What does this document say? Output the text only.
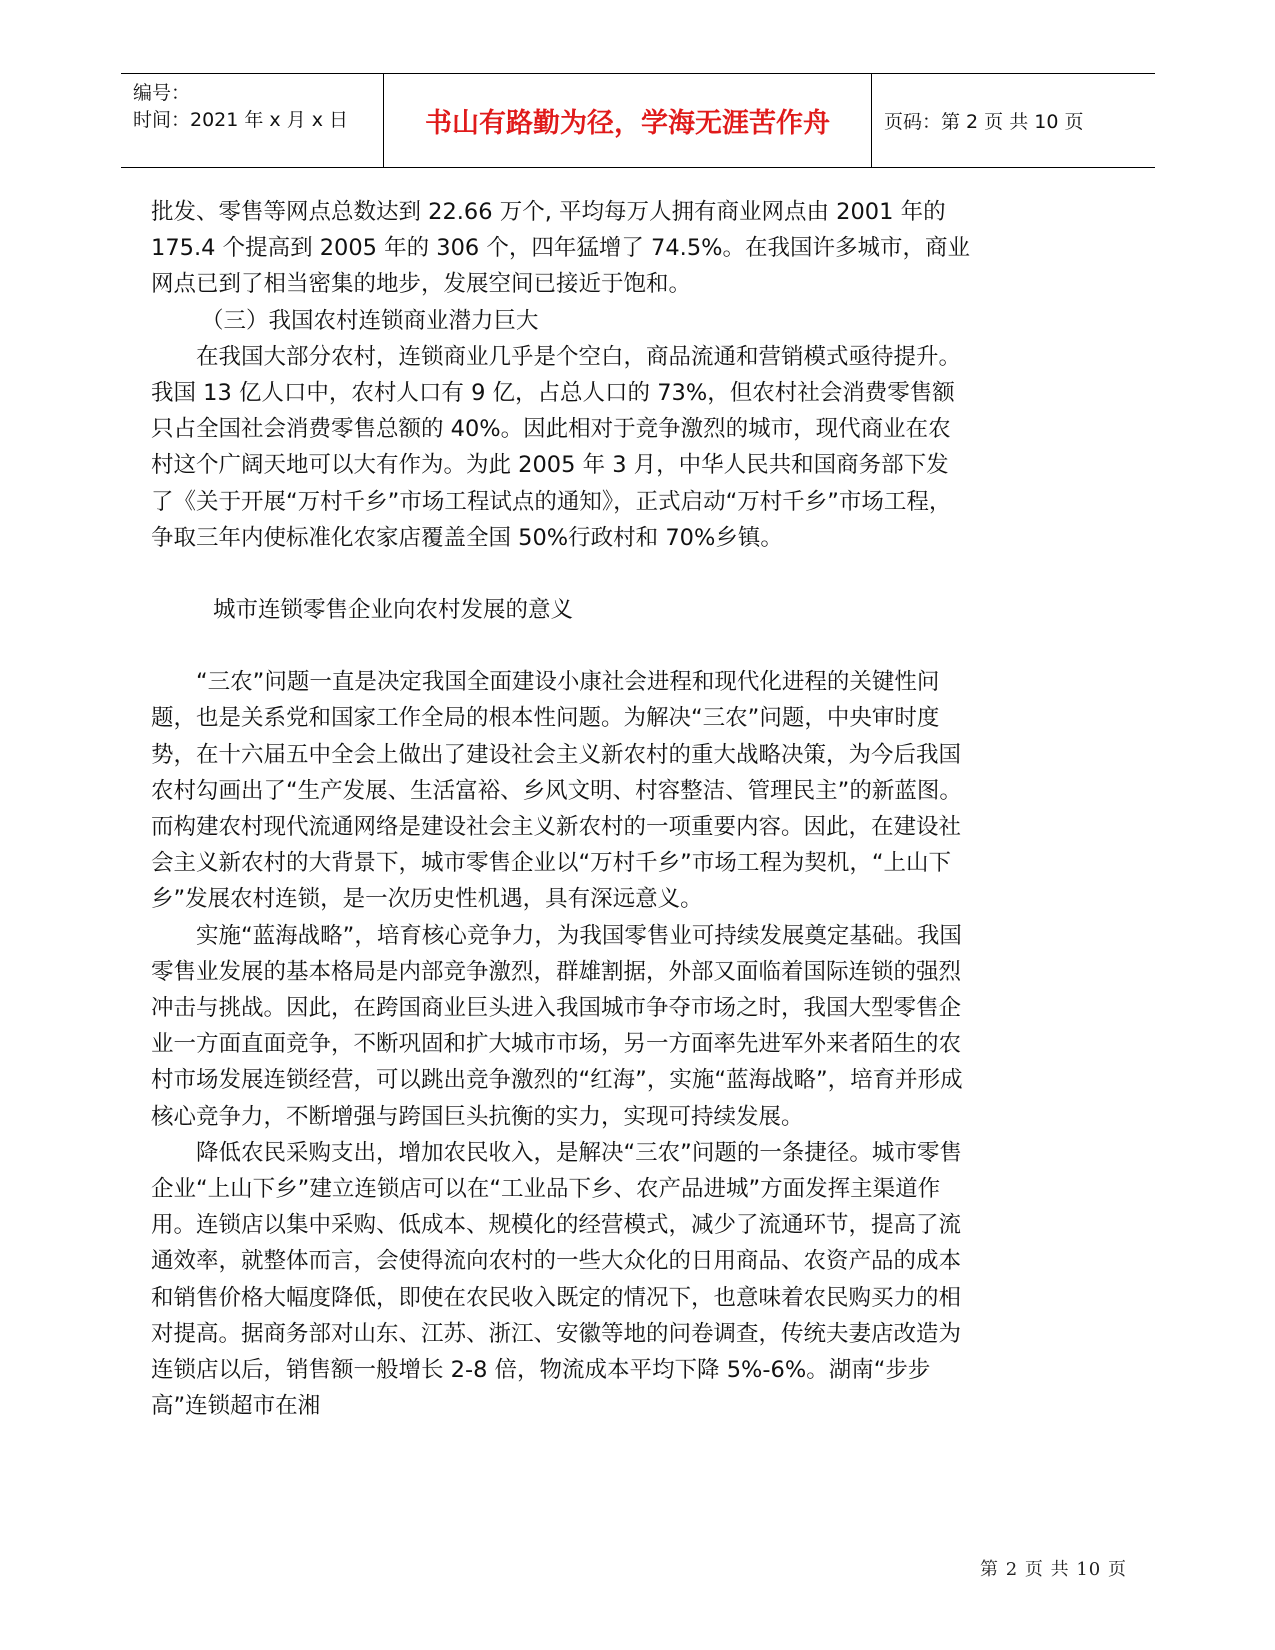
编号：
时间：2021 年 x 月 x 日	书山有路勤为径，学海无涯苦作舟	页码：第 2 页 共 10 页

批发、零售等网点总数达到 22.66 万个, 平均每万人拥有商业网点由 2001 年的 175.4 个提高到 2005 年的 306 个，四年猛增了 74.5%。在我国许多城市，商业网点已到了相当密集的地步，发展空间已接近于饱和。

（三）我国农村连锁商业潜力巨大

在我国大部分农村，连锁商业几乎是个空白，商品流通和营销模式亟待提升。我国 13 亿人口中，农村人口有 9 亿，占总人口的 73%，但农村社会消费零售额只占全国社会消费零售总额的 40%。因此相对于竞争激烈的城市，现代商业在农村这个广阔天地可以大有作为。为此 2005 年 3 月，中华人民共和国商务部下发了《关于开展“万村千乡”市场工程试点的通知》，正式启动“万村千乡”市场工程，争取三年内使标准化农家店覆盖全国 50%行政村和 70%乡镇。

城市连锁零售企业向农村发展的意义

“三农”问题一直是决定我国全面建设小康社会进程和现代化进程的关键性问题，也是关系党和国家工作全局的根本性问题。为解决“三农”问题，中央审时度势，在十六届五中全会上做出了建设社会主义新农村的重大战略决策，为今后我国农村勾画出了“生产发展、生活富裕、乡风文明、村容整洁、管理民主”的新蓝图。而构建农村现代流通网络是建设社会主义新农村的一项重要内容。因此，在建设社会主义新农村的大背景下，城市零售企业以“万村千乡”市场工程为契机，“上山下乡”发展农村连锁，是一次历史性机遇，具有深远意义。

实施“蓝海战略”，培育核心竞争力，为我国零售业可持续发展奠定基础。我国零售业发展的基本格局是内部竞争激烈，群雄割据，外部又面临着国际连锁的强烈冲击与挑战。因此，在跨国商业巨头进入我国城市争夺市场之时，我国大型零售企业一方面直面竞争，不断巩固和扩大城市市场，另一方面率先进军外来者陌生的农村市场发展连锁经营，可以跳出竞争激烈的“红海”，实施“蓝海战略”，培育并形成核心竞争力，不断增强与跨国巨头抗衡的实力，实现可持续发展。

降低农民采购支出，增加农民收入，是解决“三农”问题的一条捷径。城市零售企业“上山下乡”建立连锁店可以在“工业品下乡、农产品进城”方面发挥主渠道作用。连锁店以集中采购、低成本、规模化的经营模式，减少了流通环节，提高了流通效率，就整体而言，会使得流向农村的一些大众化的日用商品、农资产品的成本和销售价格大幅度降低，即使在农民收入既定的情况下，也意味着农民购买力的相对提高。据商务部对山东、江苏、浙江、安徽等地的问卷调查，传统夫妻店改造为连锁店以后，销售额一般增长 2-8 倍，物流成本平均下降 5%-6%。湖南“步步高”连锁超市在湘

第 2 页 共 10 页
